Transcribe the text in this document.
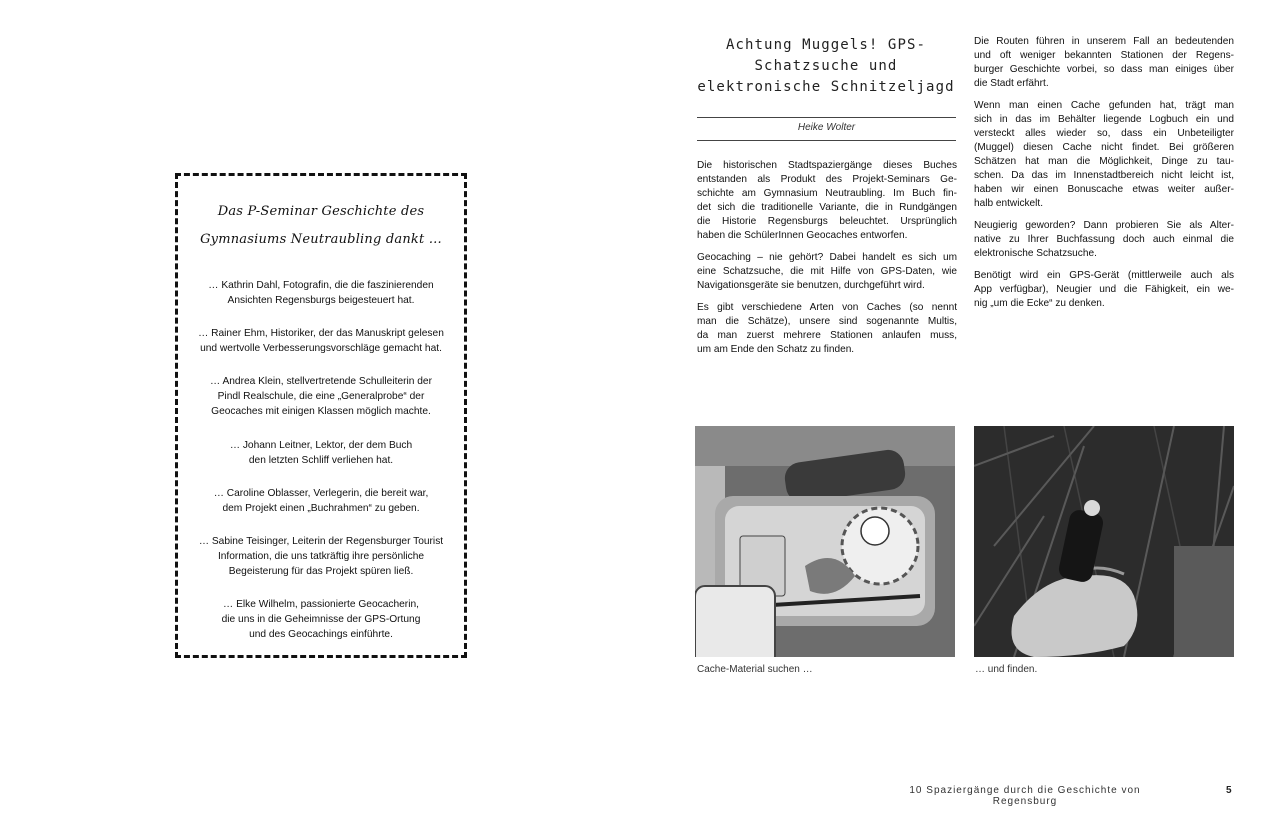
Das P-Seminar Geschichte des
Gymnasiums Neutraubling dankt …
… Kathrin Dahl, Fotografin, die die faszinierenden
Ansichten Regensburgs beigesteuert hat.
… Rainer Ehm, Historiker, der das Manuskript gelesen
und wertvolle Verbesserungsvorschläge gemacht hat.
… Andrea Klein, stellvertretende Schulleiterin der
Pindl Realschule, die eine „Generalprobe“ der
Geocaches mit einigen Klassen möglich machte.
… Johann Leitner, Lektor, der dem Buch
den letzten Schliff verliehen hat.
… Caroline Oblasser, Verlegerin, die bereit war,
dem Projekt einen „Buchrahmen“ zu geben.
… Sabine Teisinger, Leiterin der Regensburger Tourist
Information, die uns tatkräftig ihre persönliche
Begeisterung für das Projekt spüren ließ.
… Elke Wilhelm, passionierte Geocacherin,
die uns in die Geheimnisse der GPS-Ortung
und des Geocachings einführte.
Achtung Muggels! GPS-
Schatzsuche und
elektronische Schnitzeljagd
Heike Wolter

Die historischen Stadtspaziergänge dieses Buches
entstanden als Produkt des Projekt-Seminars Ge-
schichte am Gymnasium Neutraubling. Im Buch fin-
det sich die traditionelle Variante, die in Rundgängen
die Historie Regensburgs beleuchtet. Ursprünglich
haben die SchülerInnen Geocaches entworfen.

Geocaching – nie gehört? Dabei handelt es sich um
eine Schatzsuche, die mit Hilfe von GPS-Daten, wie
Navigationsgeräte sie benutzen, durchgeführt wird.

Es gibt verschiedene Arten von Caches (so nennt
man die Schätze), unsere sind sogenannte Multis,
da man zuerst mehrere Stationen anlaufen muss,
um am Ende den Schatz zu finden.

Die Routen führen in unserem Fall an bedeutenden
und oft weniger bekannten Stationen der Regens-
burger Geschichte vorbei, so dass man einiges über
die Stadt erfährt.

Wenn man einen Cache gefunden hat, trägt man
sich in das im Behälter liegende Logbuch ein und
versteckt alles wieder so, dass ein Unbeteiligter
(Muggel) diesen Cache nicht findet. Bei größeren
Schätzen hat man die Möglichkeit, Dinge zu tau-
schen. Da das im Innenstadtbereich nicht leicht ist,
haben wir einen Bonuscache etwas weiter außer-
halb entwickelt.

Neugierig geworden? Dann probieren Sie als Alter-
native zu Ihrer Buchfassung doch auch einmal die
elektronische Schatzsuche.

Benötigt wird ein GPS-Gerät (mittlerweile auch als
App verfügbar), Neugier und die Fähigkeit, ein we-
nig „um die Ecke“ zu denken.

Cache-Material suchen …	… und finden.
10 Spaziergänge durch die Geschichte von Regensburg
5
